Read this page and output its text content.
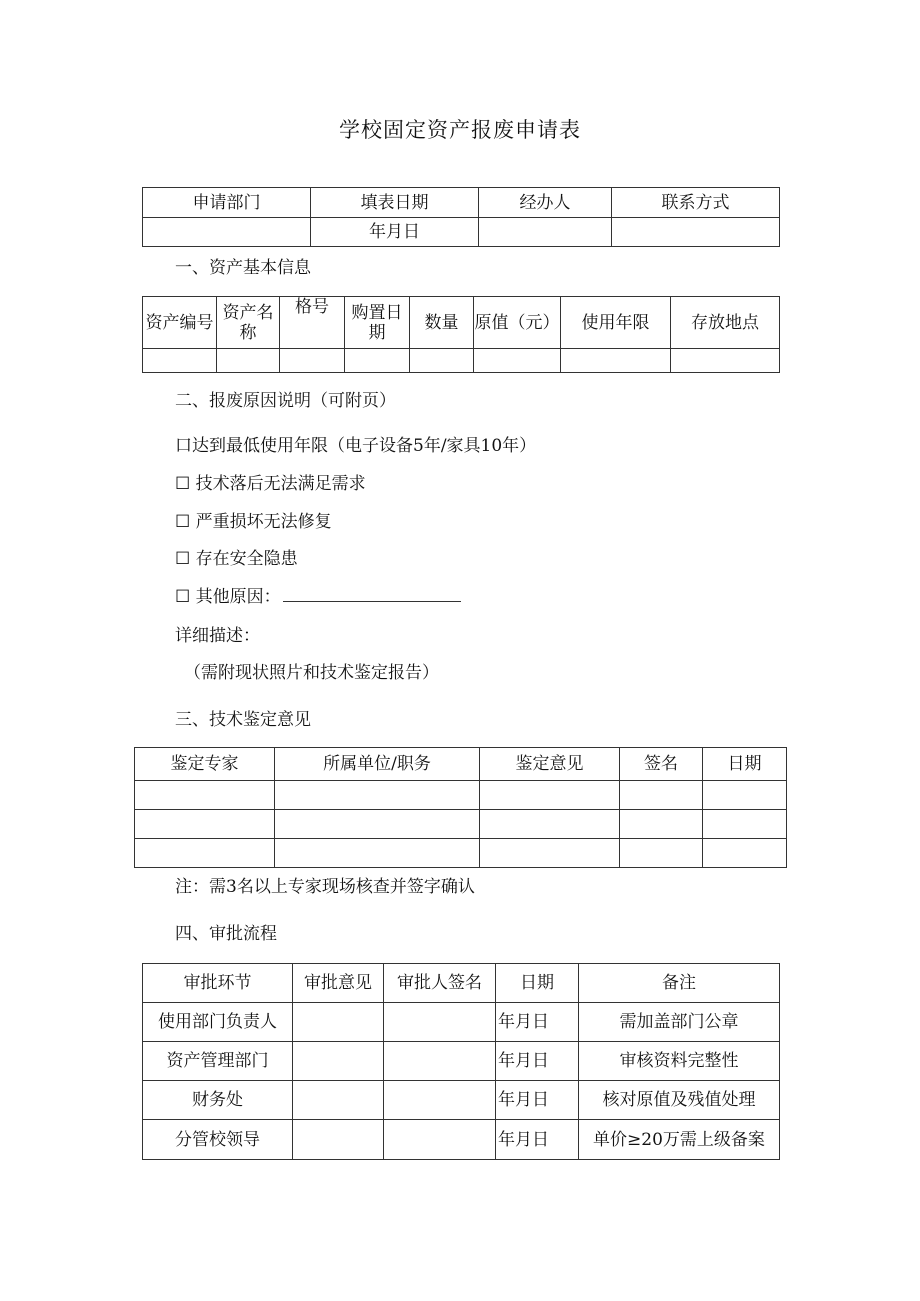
学校固定资产报废申请表
申请部门	填表日期	经办人	联系方式
	年月日		
一、资产基本信息
资产编号	资产名称	格号	购置日期	数量	原值（元）	使用年限	存放地点

二、报废原因说明（可附页）
口达到最低使用年限（电子设备5年/家具10年）
☐ 技术落后无法满足需求
☐ 严重损坏无法修复
☐ 存在安全隐患
☐ 其他原因：
详细描述：
（需附现状照片和技术鉴定报告）
三、技术鉴定意见
鉴定专家	所属单位/职务	鉴定意见	签名	日期

注：需3名以上专家现场核查并签字确认
四、审批流程
审批环节	审批意见	审批人签名	日期	备注
使用部门负责人			年月日	需加盖部门公章
资产管理部门			年月日	审核资料完整性
财务处			年月日	核对原值及残值处理
分管校领导			年月日	单价≥20万需上级备案
